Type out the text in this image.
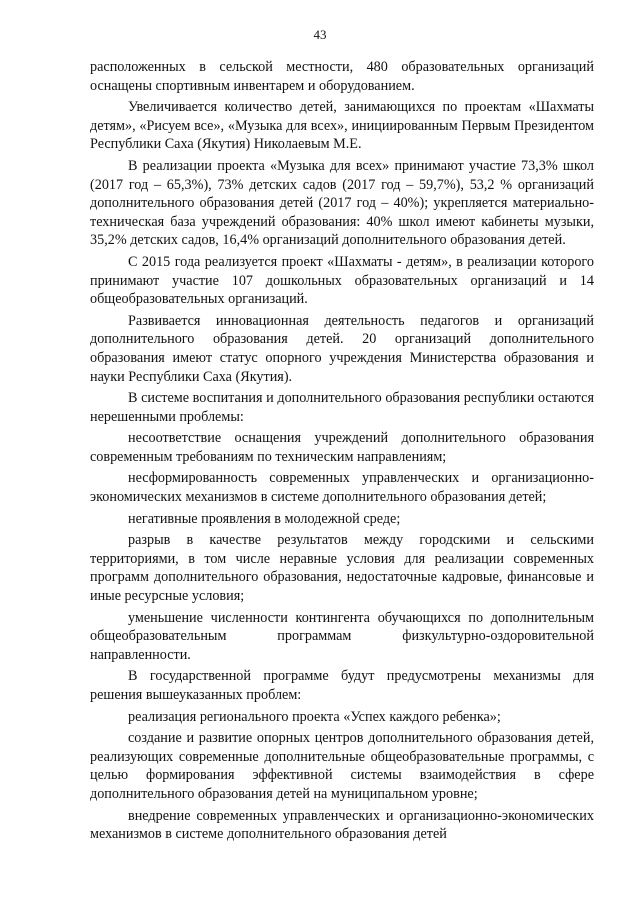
43

расположенных в сельской местности, 480 образовательных организаций оснащены спортивным инвентарем и оборудованием.

Увеличивается количество детей, занимающихся по проектам «Шахматы детям», «Рисуем все», «Музыка для всех», инициированным Первым Президентом Республики Саха (Якутия) Николаевым М.Е.

В реализации проекта «Музыка для всех» принимают участие 73,3% школ (2017 год – 65,3%), 73% детских садов (2017 год – 59,7%), 53,2 % организаций дополнительного образования детей (2017 год – 40%); укрепляется материально-техническая база учреждений образования: 40% школ имеют кабинеты музыки, 35,2% детских садов, 16,4% организаций дополнительного образования детей.

С 2015 года реализуется проект «Шахматы - детям», в реализации которого принимают участие 107 дошкольных образовательных организаций и 14 общеобразовательных организаций.

Развивается инновационная деятельность педагогов и организаций дополнительного образования детей. 20 организаций дополнительного образования имеют статус опорного учреждения Министерства образования и науки Республики Саха (Якутия).

В системе воспитания и дополнительного образования республики остаются нерешенными проблемы:

несоответствие оснащения учреждений дополнительного образования современным требованиям по техническим направлениям;

несформированность современных управленческих и организационно-экономических механизмов в системе дополнительного образования детей;

негативные проявления в молодежной среде;

разрыв в качестве результатов между городскими и сельскими территориями, в том числе неравные условия для реализации современных программ дополнительного образования, недостаточные кадровые, финансовые и иные ресурсные условия;

уменьшение численности контингента обучающихся по дополнительным общеобразовательным программам физкультурно-оздоровительной направленности.

В государственной программе будут предусмотрены механизмы для решения вышеуказанных проблем:

реализация регионального проекта «Успех каждого ребенка»;

создание и развитие опорных центров дополнительного образования детей, реализующих современные дополнительные общеобразовательные программы, с целью формирования эффективной системы взаимодействия в сфере дополнительного образования детей на муниципальном уровне;

внедрение современных управленческих и организационно-экономических механизмов в системе дополнительного образования детей
